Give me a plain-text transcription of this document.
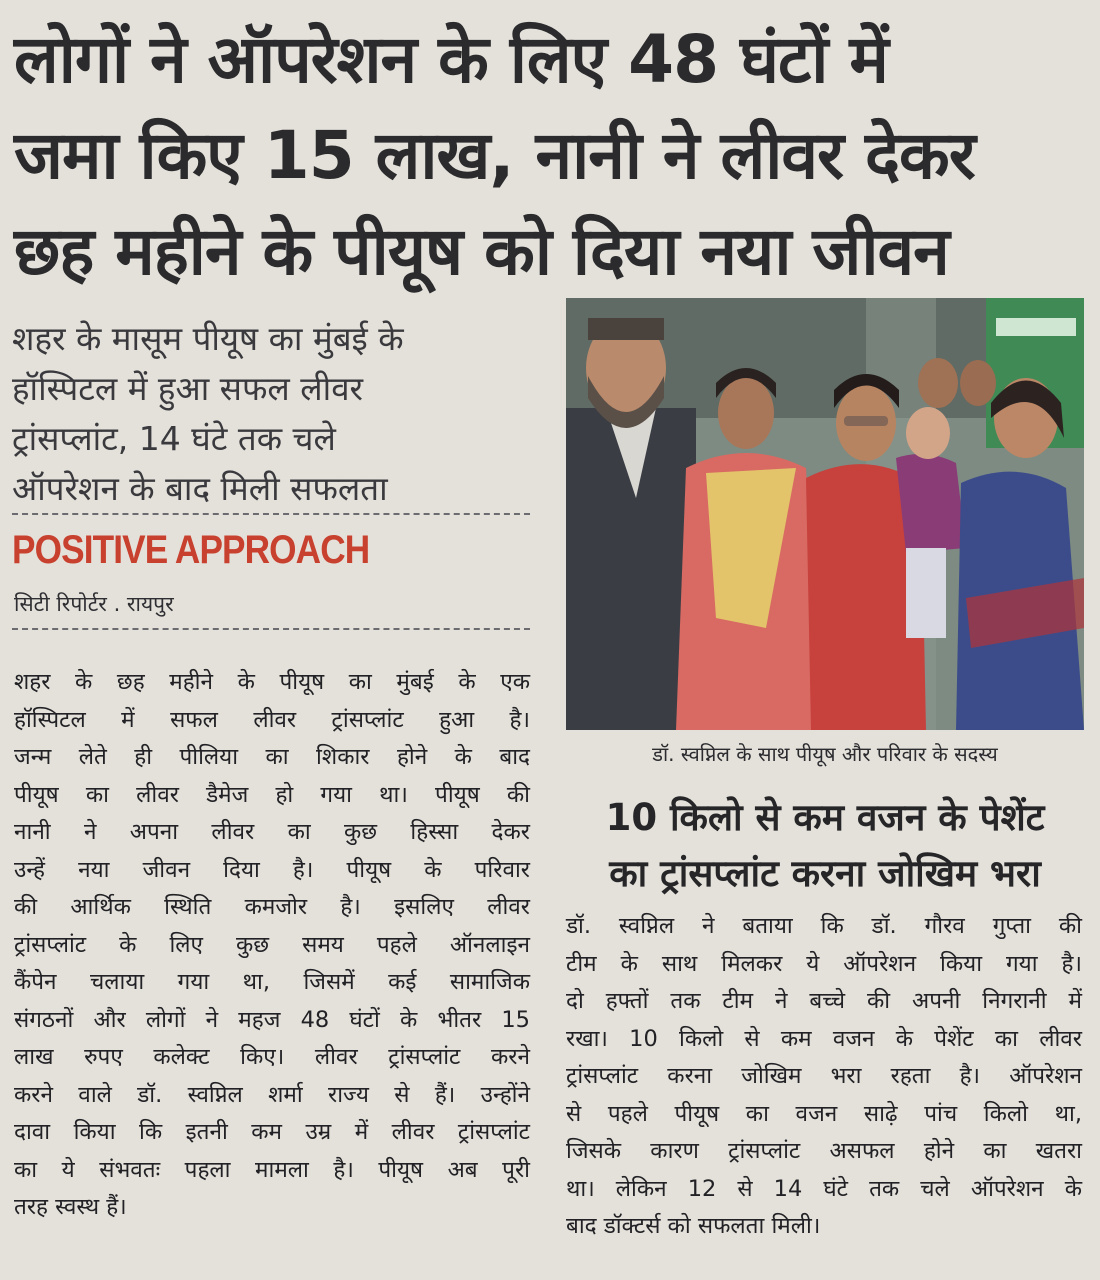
लोगों ने ऑपरेशन के लिए 48 घंटों में
जमा किए 15 लाख, नानी ने लीवर देकर
छह महीने के पीयूष को दिया नया जीवन
शहर के मासूम पीयूष का मुंबई के
हॉस्पिटल में हुआ सफल लीवर
ट्रांसप्लांट, 14 घंटे तक चले
ऑपरेशन के बाद मिली सफलता
POSITIVE APPROACH
सिटी रिपोर्टर . रायपुर
शहर के छह महीने के पीयूष का मुंबई के एक
हॉस्पिटल में सफल लीवर ट्रांसप्लांट हुआ है।
जन्म लेते ही पीलिया का शिकार होने के बाद
पीयूष का लीवर डैमेज हो गया था। पीयूष की
नानी ने अपना लीवर का कुछ हिस्सा देकर
उन्हें नया जीवन दिया है। पीयूष के परिवार
की आर्थिक स्थिति कमजोर है। इसलिए लीवर
ट्रांसप्लांट के लिए कुछ समय पहले ऑनलाइन
कैंपेन चलाया गया था, जिसमें कई सामाजिक
संगठनों और लोगों ने महज 48 घंटों के भीतर 15
लाख रुपए कलेक्ट किए। लीवर ट्रांसप्लांट करने
करने वाले डॉ. स्वप्निल शर्मा राज्य से हैं। उन्होंने
दावा किया कि इतनी कम उम्र में लीवर ट्रांसप्लांट
का ये संभवतः पहला मामला है। पीयूष अब पूरी
तरह स्वस्थ हैं।
डॉ. स्वप्निल के साथ पीयूष और परिवार के सदस्य
10 किलो से कम वजन के पेशेंट
का ट्रांसप्लांट करना जोखिम भरा
डॉ. स्वप्निल ने बताया कि डॉ. गौरव गुप्ता की
टीम के साथ मिलकर ये ऑपरेशन किया गया है।
दो हफ्तों तक टीम ने बच्चे की अपनी निगरानी में
रखा। 10 किलो से कम वजन के पेशेंट का लीवर
ट्रांसप्लांट करना जोखिम भरा रहता है। ऑपरेशन
से पहले पीयूष का वजन साढ़े पांच किलो था,
जिसके कारण ट्रांसप्लांट असफल होने का खतरा
था। लेकिन 12 से 14 घंटे तक चले ऑपरेशन के
बाद डॉक्टर्स को सफलता मिली।
